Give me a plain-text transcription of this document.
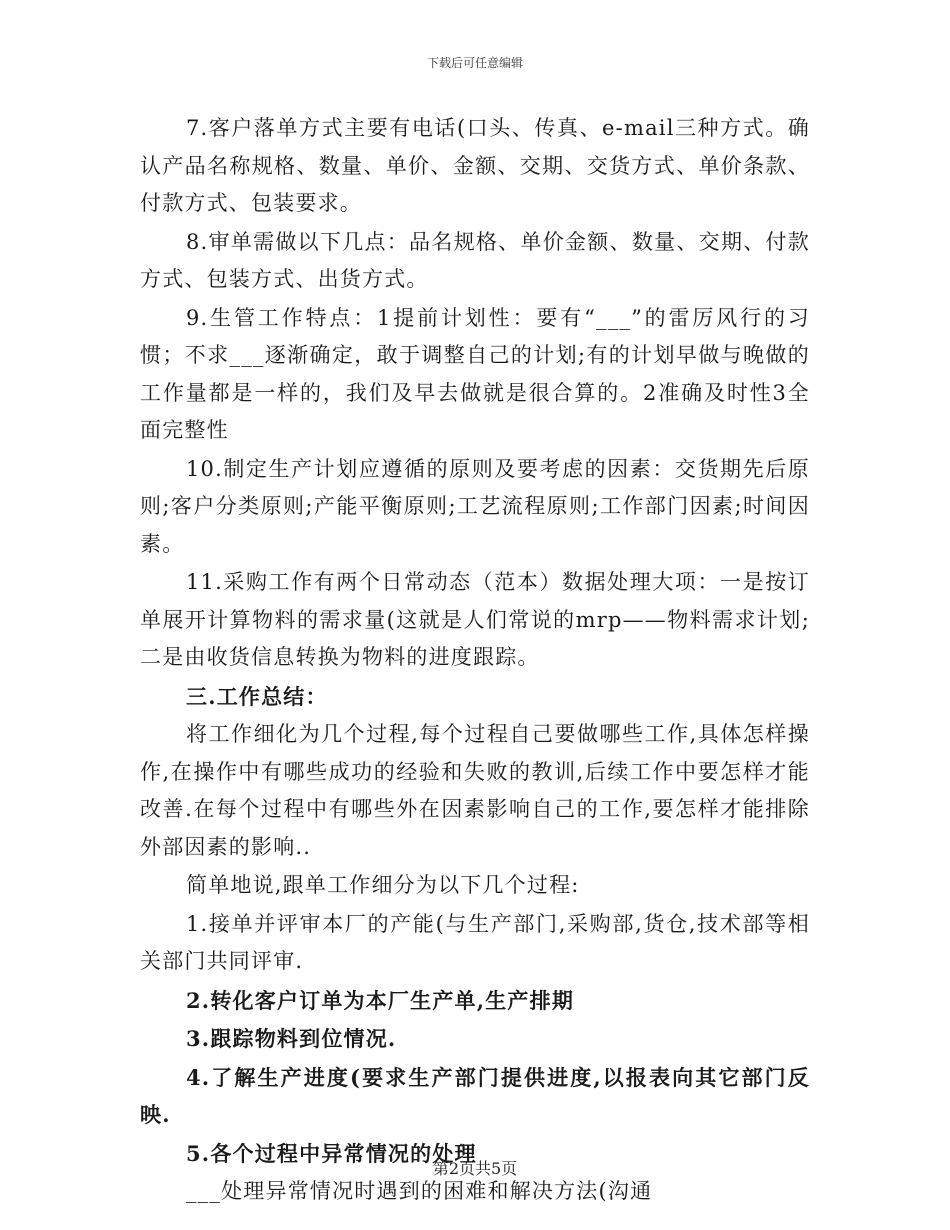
下载后可任意编辑

7.客户落单方式主要有电话(口头、传真、e-mail三种方式。确认产品名称规格、数量、单价、金额、交期、交货方式、单价条款、付款方式、包装要求。

8.审单需做以下几点：品名规格、单价金额、数量、交期、付款方式、包装方式、出货方式。

9.生管工作特点：1提前计划性：要有“___”的雷厉风行的习惯；不求___逐渐确定，敢于调整自己的计划;有的计划早做与晚做的工作量都是一样的，我们及早去做就是很合算的。2准确及时性3全面完整性

10.制定生产计划应遵循的原则及要考虑的因素：交货期先后原则;客户分类原则;产能平衡原则;工艺流程原则;工作部门因素;时间因素。

11.采购工作有两个日常动态（范本）数据处理大项：一是按订单展开计算物料的需求量(这就是人们常说的mrp——物料需求计划;二是由收货信息转换为物料的进度跟踪。

三.工作总结：

将工作细化为几个过程,每个过程自己要做哪些工作,具体怎样操作,在操作中有哪些成功的经验和失败的教训,后续工作中要怎样才能改善.在每个过程中有哪些外在因素影响自己的工作,要怎样才能排除外部因素的影响..

简单地说,跟单工作细分为以下几个过程:

1.接单并评审本厂的产能(与生产部门,采购部,货仓,技术部等相关部门共同评审.

2.转化客户订单为本厂生产单,生产排期

3.跟踪物料到位情况.

4.了解生产进度(要求生产部门提供进度,以报表向其它部门反映.

5.各个过程中异常情况的处理

___处理异常情况时遇到的困难和解决方法(沟通

第2页共5页
